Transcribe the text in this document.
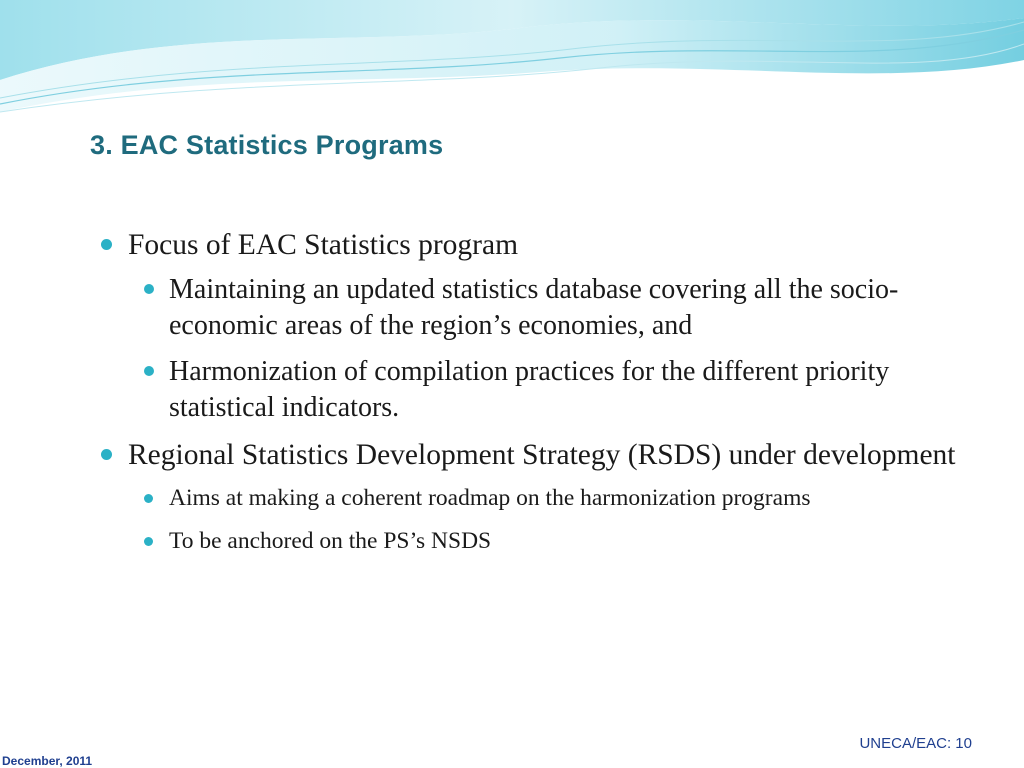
3. EAC Statistics Programs

Focus of EAC Statistics program

Maintaining an updated statistics database covering all the socio-economic areas of the region’s economies, and

Harmonization of compilation practices for the different priority statistical indicators.

Regional Statistics Development Strategy (RSDS) under development

Aims at making a coherent roadmap on the harmonization programs

To be anchored on the PS’s NSDS

December, 2011
UNECA/EAC: 10
